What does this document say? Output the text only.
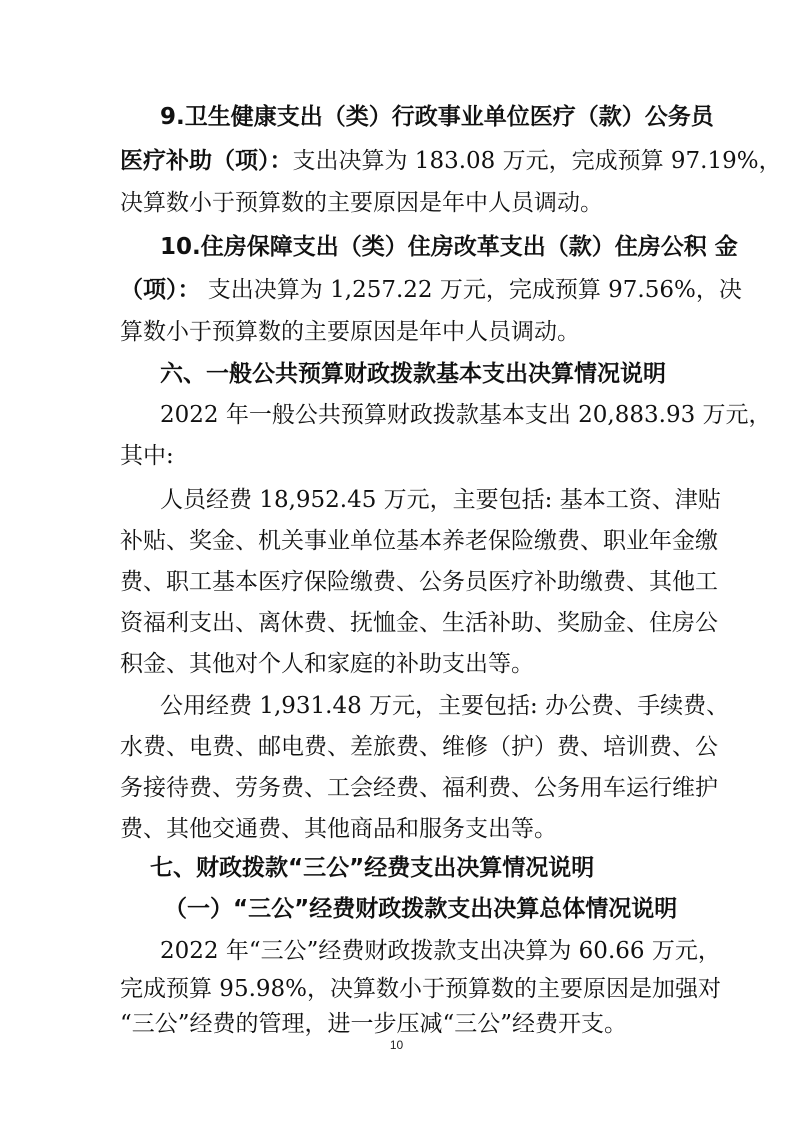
9.卫生健康支出（类）行政事业单位医疗（款）公务员
医疗补助（项）：支出决算为 183.08 万元，完成预算 97.19%，
决算数小于预算数的主要原因是年中人员调动。
10.住房保障支出（类）住房改革支出（款）住房公积 金
（项）： 支出决算为 1,257.22 万元，完成预算 97.56%，决
算数小于预算数的主要原因是年中人员调动。
六、一般公共预算财政拨款基本支出决算情况说明
2022 年一般公共预算财政拨款基本支出 20,883.93 万元，
其中:
人员经费 18,952.45 万元，主要包括: 基本工资、津贴
补贴、奖金、机关事业单位基本养老保险缴费、职业年金缴
费、职工基本医疗保险缴费、公务员医疗补助缴费、其他工
资福利支出、离休费、抚恤金、生活补助、奖励金、住房公
积金、其他对个人和家庭的补助支出等。
公用经费 1,931.48 万元，主要包括: 办公费、手续费、
水费、电费、邮电费、差旅费、维修（护）费、培训费、公
务接待费、劳务费、工会经费、福利费、公务用车运行维护
费、其他交通费、其他商品和服务支出等。
七、财政拨款“三公”经费支出决算情况说明
（一）“三公”经费财政拨款支出决算总体情况说明
2022 年“三公”经费财政拨款支出决算为 60.66 万元，
完成预算 95.98%，决算数小于预算数的主要原因是加强对
“三公”经费的管理，进一步压减“三公”经费开支。
10
